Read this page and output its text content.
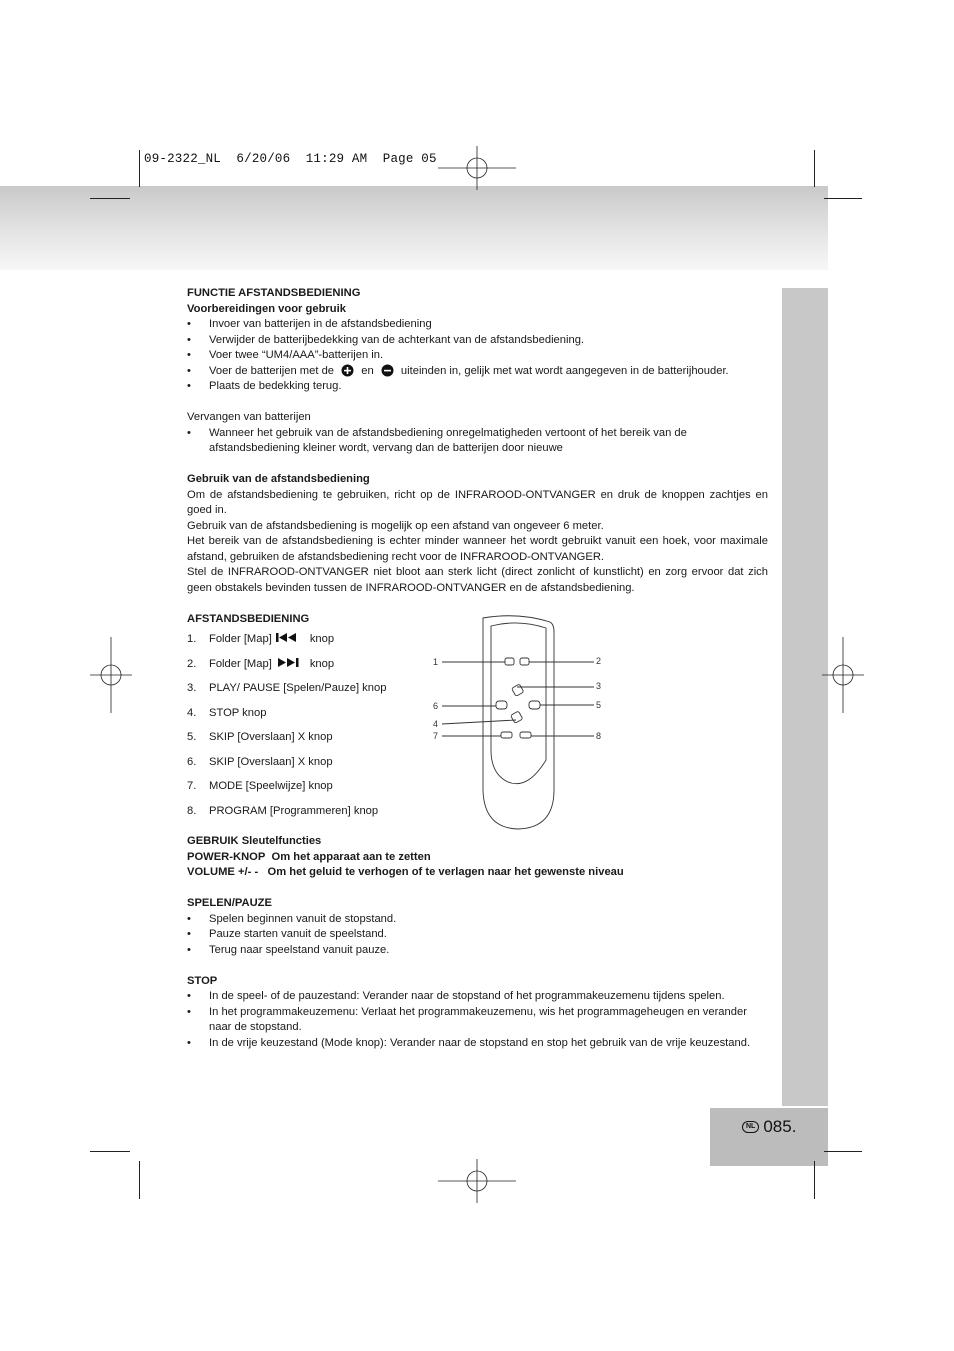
09-2322_NL  6/20/06  11:29 AM  Page 05
NL 085.

FUNCTIE AFSTANDSBEDIENING

Voorbereidingen voor gebruik

• Invoer van batterijen in de afstandsbediening
• Verwijder de batterijbedekking van de achterkant van de afstandsbediening.
• Voer twee “UM4/AAA”-batterijen in.
• Voer de batterijen met de en uiteinden in, gelijk met wat wordt aangegeven in de batterijhouder.
• Plaats de bedekking terug.

Vervangen van batterijen

• Wanneer het gebruik van de afstandsbediening onregelmatigheden vertoont of het bereik van de afstandsbediening kleiner wordt, vervang dan de batterijen door nieuwe

Gebruik van de afstandsbediening

Om de afstandsbediening te gebruiken, richt op de INFRAROOD-ONTVANGER en druk de knoppen zachtjes en goed in.

Gebruik van de afstandsbediening is mogelijk op een afstand van ongeveer 6 meter.

Het bereik van de afstandsbediening is echter minder wanneer het wordt gebruikt vanuit een hoek, voor maximale afstand, gebruiken de afstandsbediening recht voor de INFRAROOD-ONTVANGER.

Stel de INFRAROOD-ONTVANGER niet bloot aan sterk licht (direct zonlicht of kunstlicht) en zorg ervoor dat zich geen obstakels bevinden tussen de INFRAROOD-ONTVANGER en de afstandsbediening.

AFSTANDSBEDIENING

1.	Folder [Map]	knop
2.	Folder [Map]	knop
3.	PLAY/ PAUSE [Spelen/Pauze] knop
4.	STOP knop
5.	SKIP [Overslaan] X knop
6.	SKIP [Overslaan] X knop
7.	MODE [Speelwijze] knop
8.	PROGRAM [Programmeren] knop

GEBRUIK Sleutelfuncties

POWER-KNOP Om het apparaat aan te zetten

VOLUME +/- - Om het geluid te verhogen of te verlagen naar het gewenste niveau

SPELEN/PAUZE

• Spelen beginnen vanuit de stopstand.
• Pauze starten vanuit de speelstand.
• Terug naar speelstand vanuit pauze.

STOP

• In de speel- of de pauzestand: Verander naar de stopstand of het programmakeuzemenu tijdens spelen.
• In het programmakeuzemenu: Verlaat het programmakeuzemenu, wis het programmageheugen en verander naar de stopstand.
• In de vrije keuzestand (Mode knop): Verander naar de stopstand en stop het gebruik van de vrije keuzestand.
1	2
3
4
5
6
7	8
